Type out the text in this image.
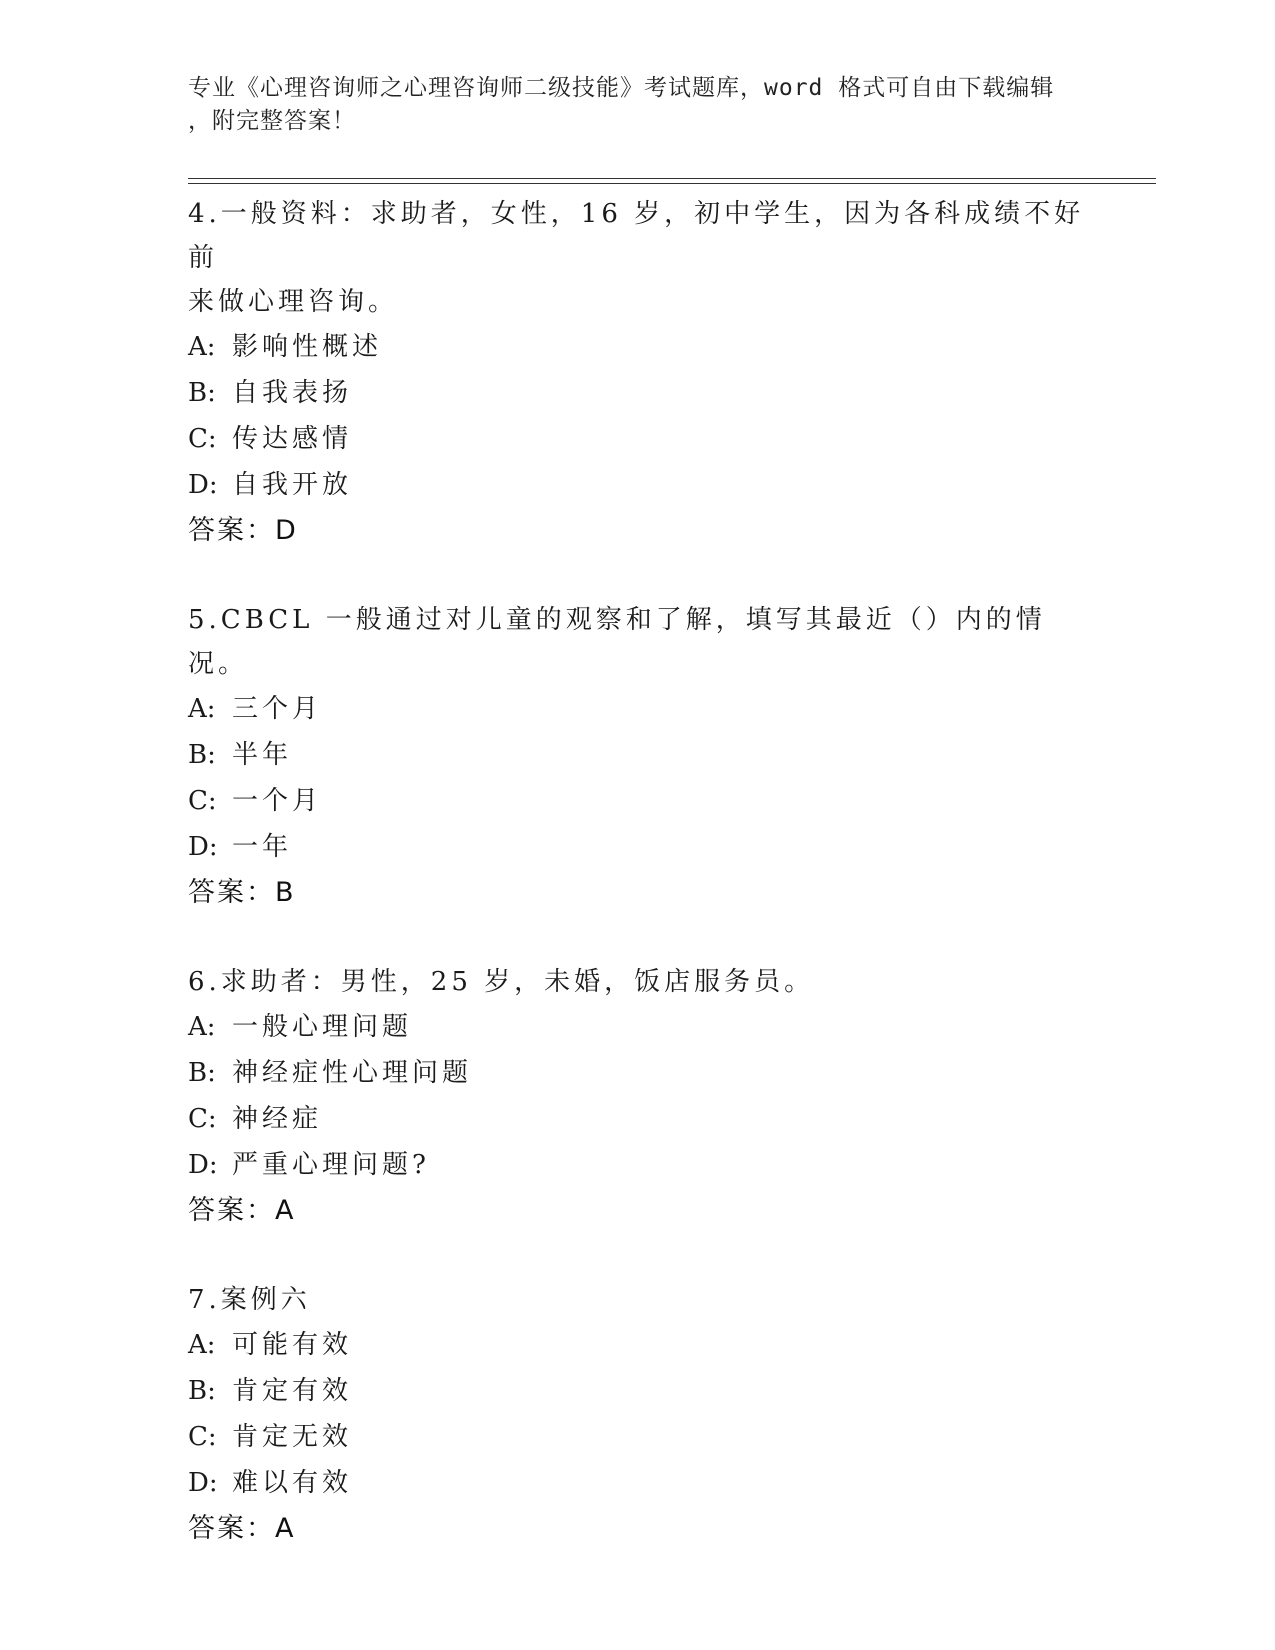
专业《心理咨询师之心理咨询师二级技能》考试题库，word 格式可自由下载编辑
，附完整答案！

4.一般资料：求助者，女性，16 岁，初中学生，因为各科成绩不好前

来做心理咨询。

A: 影响性概述
B: 自我表扬
C: 传达感情
D: 自我开放

答案：D

5.CBCL 一般通过对儿童的观察和了解，填写其最近（）内的情况。

A: 三个月
B: 半年
C: 一个月
D: 一年

答案：B

6.求助者：男性，25 岁，未婚，饭店服务员。

A: 一般心理问题
B: 神经症性心理问题
C: 神经症
D: 严重心理问题?

答案：A

7.案例六

A: 可能有效
B: 肯定有效
C: 肯定无效
D: 难以有效

答案：A
